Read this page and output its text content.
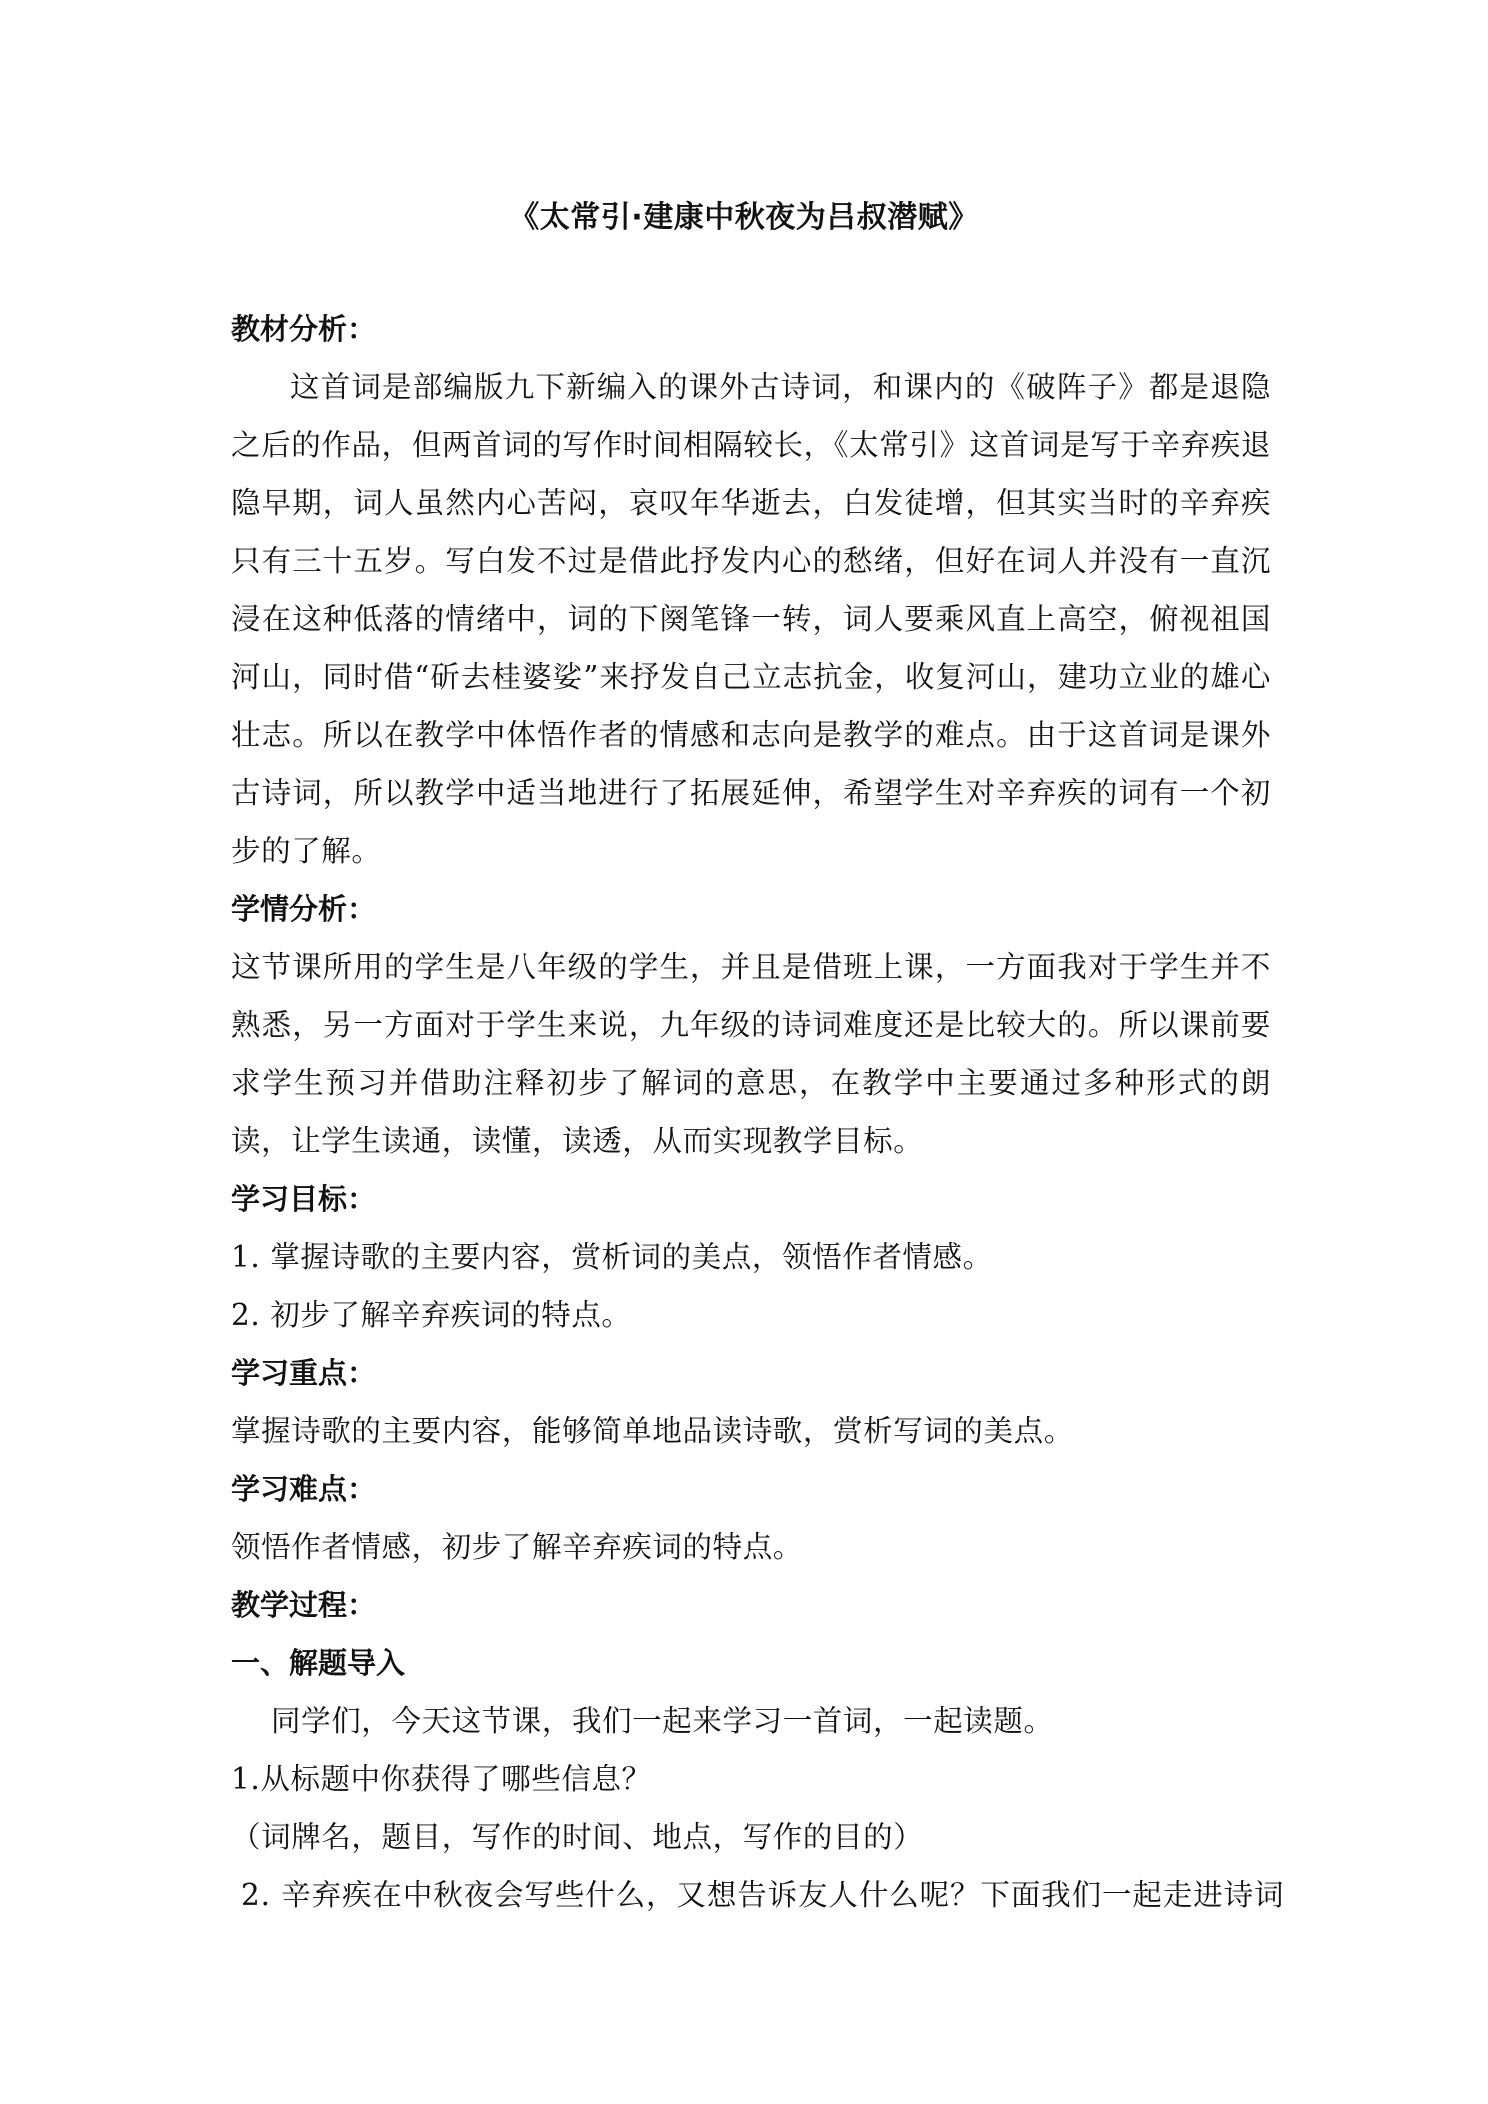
《太常引·建康中秋夜为吕叔潜赋》
教材分析：

这首词是部编版九下新编入的课外古诗词，和课内的《破阵子》都是退隐之后的作品，但两首词的写作时间相隔较长，《太常引》这首词是写于辛弃疾退隐早期，词人虽然内心苦闷，哀叹年华逝去，白发徒增，但其实当时的辛弃疾只有三十五岁。写白发不过是借此抒发内心的愁绪，但好在词人并没有一直沉浸在这种低落的情绪中，词的下阕笔锋一转，词人要乘风直上高空，俯视祖国河山，同时借“斫去桂婆娑”来抒发自己立志抗金，收复河山，建功立业的雄心壮志。所以在教学中体悟作者的情感和志向是教学的难点。由于这首词是课外古诗词，所以教学中适当地进行了拓展延伸，希望学生对辛弃疾的词有一个初步的了解。

学情分析：

这节课所用的学生是八年级的学生，并且是借班上课，一方面我对于学生并不熟悉，另一方面对于学生来说，九年级的诗词难度还是比较大的。所以课前要求学生预习并借助注释初步了解词的意思，在教学中主要通过多种形式的朗读，让学生读通，读懂，读透，从而实现教学目标。

学习目标：

1. 掌握诗歌的主要内容，赏析词的美点，领悟作者情感。

2. 初步了解辛弃疾词的特点。

学习重点：

掌握诗歌的主要内容，能够简单地品读诗歌，赏析写词的美点。

学习难点：

领悟作者情感，初步了解辛弃疾词的特点。

教学过程：
一、解题导入

同学们，今天这节课，我们一起来学习一首词，一起读题。

1.从标题中你获得了哪些信息？

（词牌名，题目，写作的时间、地点，写作的目的）

2. 辛弃疾在中秋夜会写些什么，又想告诉友人什么呢？下面我们一起走进诗词
